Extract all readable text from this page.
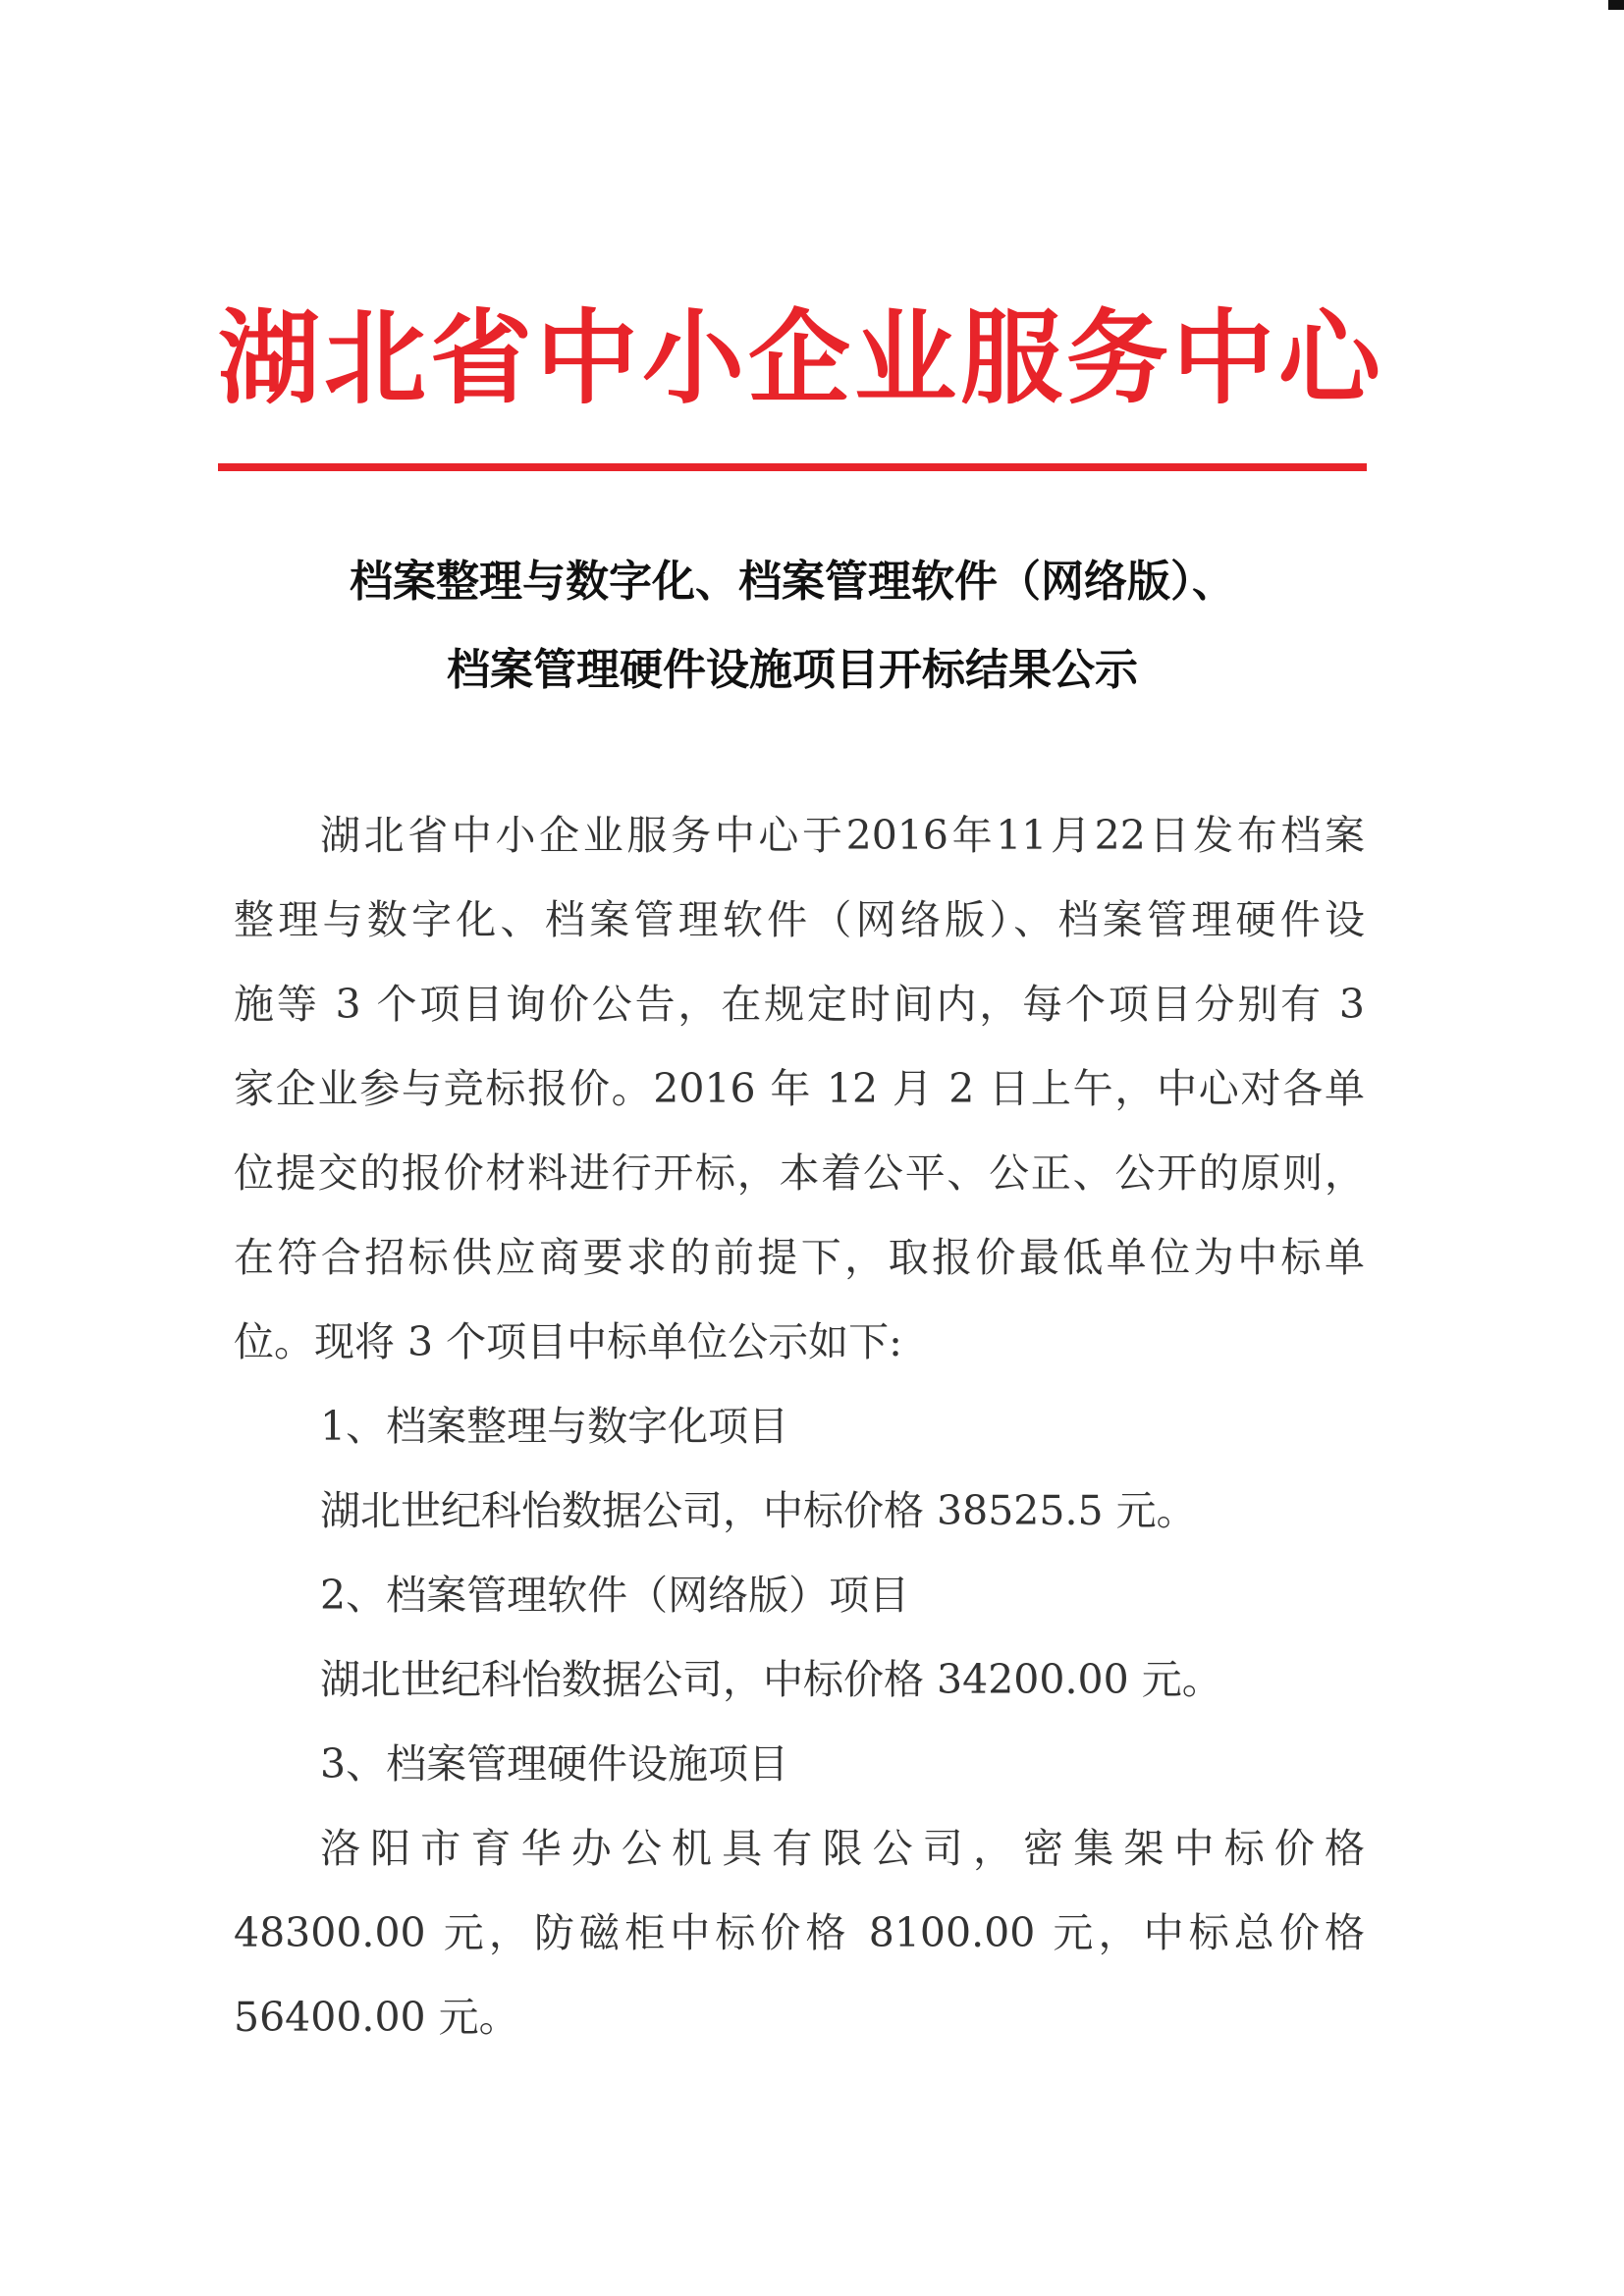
湖北省中小企业服务中心
档案整理与数字化、档案管理软件（网络版）、
档案管理硬件设施项目开标结果公示
湖北省中小企业服务中心于2016年11月22日发布档案
整理与数字化、档案管理软件（网络版）、档案管理硬件设
施等 3 个项目询价公告，在规定时间内，每个项目分别有 3
家企业参与竞标报价。2016 年 12 月 2 日上午，中心对各单
位提交的报价材料进行开标，本着公平、公正、公开的原则，
在符合招标供应商要求的前提下，取报价最低单位为中标单
位。现将 3 个项目中标单位公示如下:
1、档案整理与数字化项目
湖北世纪科怡数据公司，中标价格 38525.5 元。
2、档案管理软件（网络版）项目
湖北世纪科怡数据公司，中标价格 34200.00 元。
3、档案管理硬件设施项目
洛阳市育华办公机具有限公司，密集架中标价格
48300.00 元，防磁柜中标价格 8100.00 元，中标总价格
56400.00 元。
